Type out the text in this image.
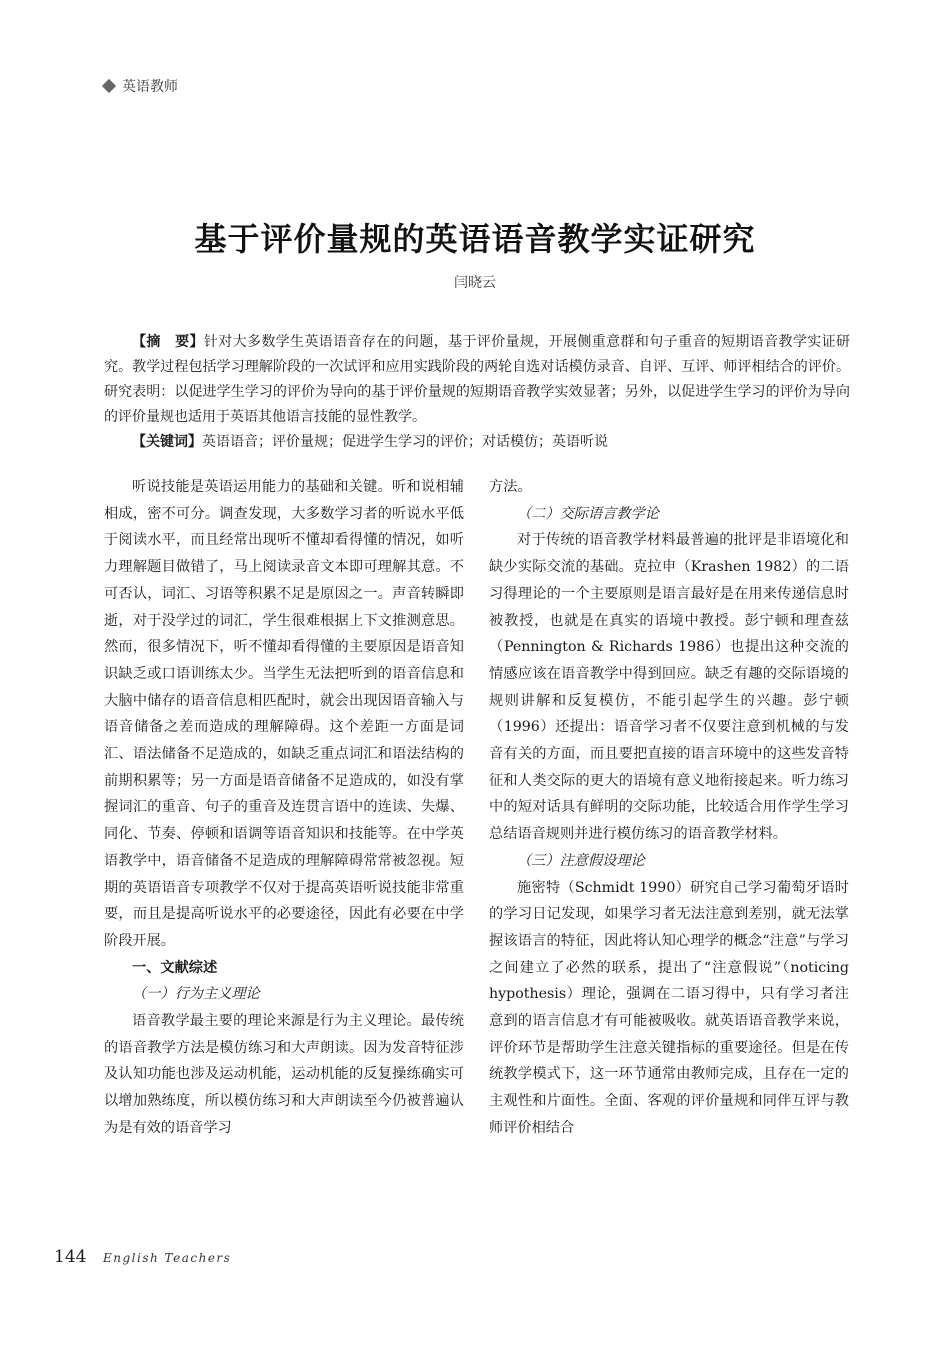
英语教师
基于评价量规的英语语音教学实证研究
闫晓云

【摘　要】针对大多数学生英语语音存在的问题，基于评价量规，开展侧重意群和句子重音的短期语音教学实证研究。教学过程包括学习理解阶段的一次试评和应用实践阶段的两轮自选对话模仿录音、自评、互评、师评相结合的评价。研究表明：以促进学生学习的评价为导向的基于评价量规的短期语音教学实效显著；另外，以促进学生学习的评价为导向的评价量规也适用于英语其他语言技能的显性教学。

【关键词】英语语音；评价量规；促进学生学习的评价；对话模仿；英语听说

听说技能是英语运用能力的基础和关键。听和说相辅相成，密不可分。调查发现，大多数学习者的听说水平低于阅读水平，而且经常出现听不懂却看得懂的情况，如听力理解题目做错了，马上阅读录音文本即可理解其意。不可否认，词汇、习语等积累不足是原因之一。声音转瞬即逝，对于没学过的词汇，学生很难根据上下文推测意思。然而，很多情况下，听不懂却看得懂的主要原因是语音知识缺乏或口语训练太少。当学生无法把听到的语音信息和大脑中储存的语音信息相匹配时，就会出现因语音输入与语音储备之差而造成的理解障碍。这个差距一方面是词汇、语法储备不足造成的，如缺乏重点词汇和语法结构的前期积累等；另一方面是语音储备不足造成的，如没有掌握词汇的重音、句子的重音及连贯言语中的连读、失爆、同化、节奏、停顿和语调等语音知识和技能等。在中学英语教学中，语音储备不足造成的理解障碍常常被忽视。短期的英语语音专项教学不仅对于提高英语听说技能非常重要，而且是提高听说水平的必要途径，因此有必要在中学阶段开展。

一、文献综述

（一）行为主义理论

语音教学最主要的理论来源是行为主义理论。最传统的语音教学方法是模仿练习和大声朗读。因为发音特征涉及认知功能也涉及运动机能，运动机能的反复操练确实可以增加熟练度，所以模仿练习和大声朗读至今仍被普遍认为是有效的语音学习

方法。

（二）交际语言教学论

对于传统的语音教学材料最普遍的批评是非语境化和缺少实际交流的基础。克拉申（Krashen 1982）的二语习得理论的一个主要原则是语言最好是在用来传递信息时被教授，也就是在真实的语境中教授。彭宁顿和理查兹（Pennington & Richards 1986）也提出这种交流的情感应该在语音教学中得到回应。缺乏有趣的交际语境的规则讲解和反复模仿，不能引起学生的兴趣。彭宁顿（1996）还提出：语音学习者不仅要注意到机械的与发音有关的方面，而且要把直接的语言环境中的这些发音特征和人类交际的更大的语境有意义地衔接起来。听力练习中的短对话具有鲜明的交际功能，比较适合用作学生学习总结语音规则并进行模仿练习的语音教学材料。

（三）注意假设理论

施密特（Schmidt 1990）研究自己学习葡萄牙语时的学习日记发现，如果学习者无法注意到差别，就无法掌握该语言的特征，因此将认知心理学的概念“注意”与学习之间建立了必然的联系，提出了“注意假说”（noticing hypothesis）理论，强调在二语习得中，只有学习者注意到的语言信息才有可能被吸收。就英语语音教学来说，评价环节是帮助学生注意关键指标的重要途径。但是在传统教学模式下，这一环节通常由教师完成，且存在一定的主观性和片面性。全面、客观的评价量规和同伴互评与教师评价相结合

144 English Teachers
